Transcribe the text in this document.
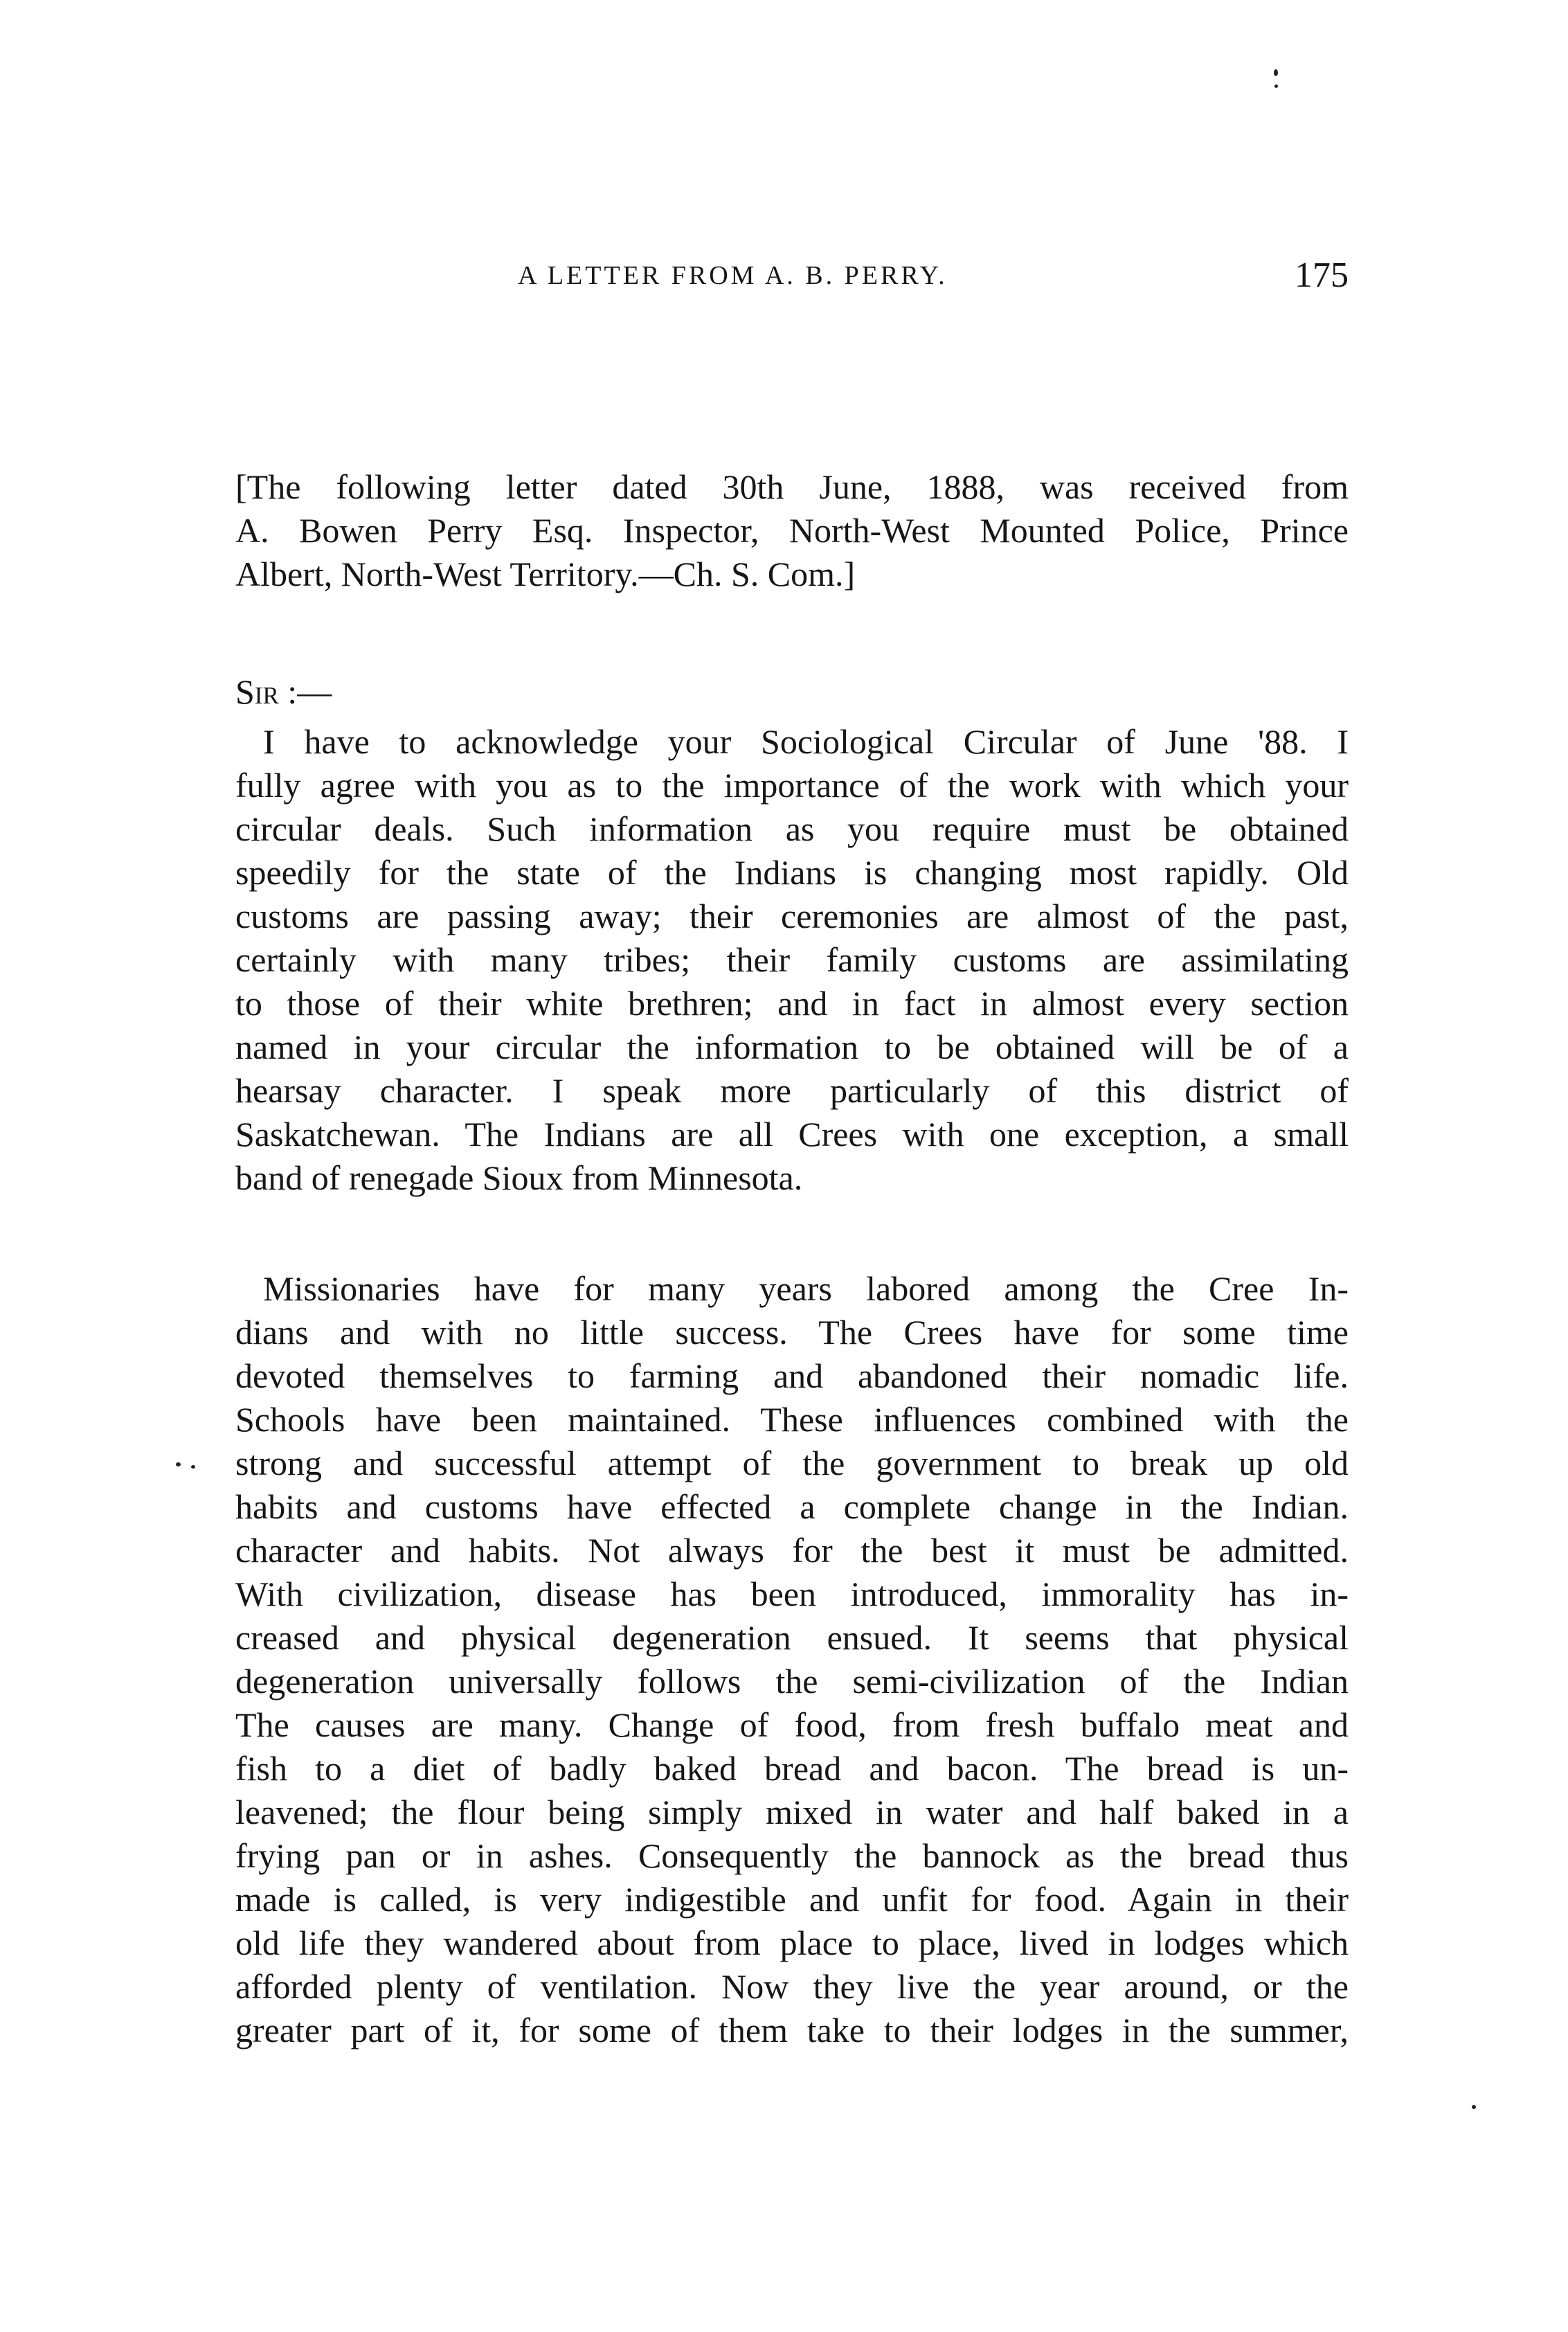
A LETTER FROM A. B. PERRY.	175
[The following letter dated 30th June, 1888, was received from
A. Bowen Perry Esq. Inspector, North-West Mounted Police, Prince
Albert, North-West Territory.—Ch. S. Com.]
Sir :—
I have to acknowledge your Sociological Circular of June '88. I
fully agree with you as to the importance of the work with which your
circular deals. Such information as you require must be obtained
speedily for the state of the Indians is changing most rapidly. Old
customs are passing away; their ceremonies are almost of the past,
certainly with many tribes; their family customs are assimilating
to those of their white brethren; and in fact in almost every section
named in your circular the information to be obtained will be of a
hearsay character. I speak more particularly of this district of
Saskatchewan. The Indians are all Crees with one exception, a small
band of renegade Sioux from Minnesota.
Missionaries have for many years labored among the Cree In-
dians and with no little success. The Crees have for some time
devoted themselves to farming and abandoned their nomadic life.
Schools have been maintained. These influences combined with the
strong and successful attempt of the government to break up old
habits and customs have effected a complete change in the Indian.
character and habits. Not always for the best it must be admitted.
With civilization, disease has been introduced, immorality has in-
creased and physical degeneration ensued. It seems that physical
degeneration universally follows the semi-civilization of the Indian
The causes are many. Change of food, from fresh buffalo meat and
fish to a diet of badly baked bread and bacon. The bread is un-
leavened; the flour being simply mixed in water and half baked in a
frying pan or in ashes. Consequently the bannock as the bread thus
made is called, is very indigestible and unfit for food. Again in their
old life they wandered about from place to place, lived in lodges which
afforded plenty of ventilation. Now they live the year around, or the
greater part of it, for some of them take to their lodges in the summer,
